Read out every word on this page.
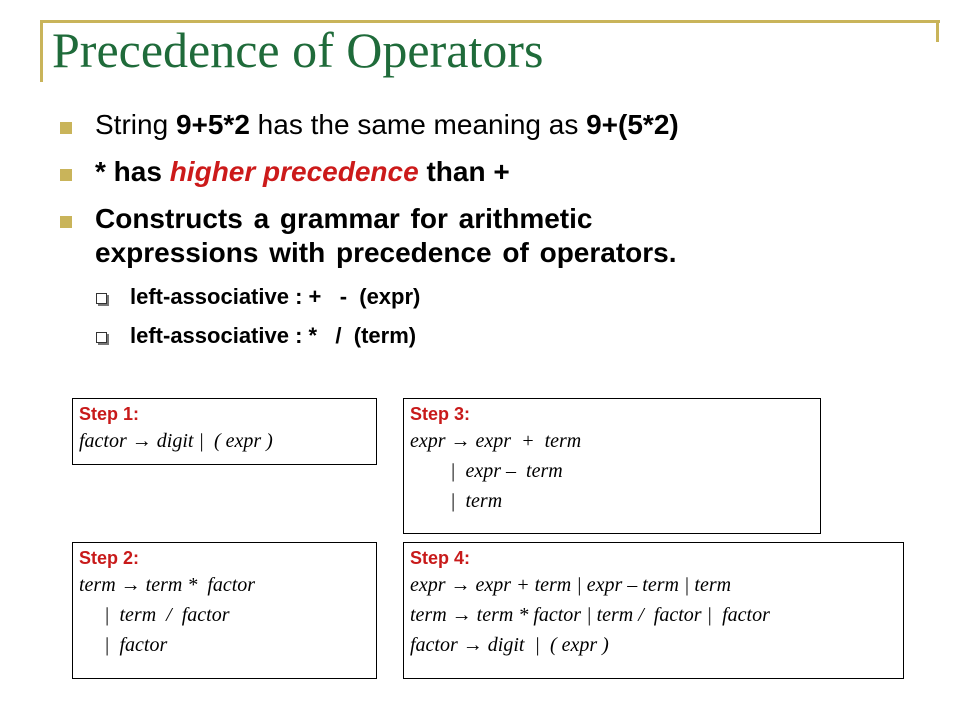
Precedence of Operators
String 9+5*2 has the same meaning as 9+(5*2)
* has higher precedence than +
Constructs a grammar for arithmetic
expressions with precedence of operators.
left-associative : +   -  (expr)
left-associative : *   /  (term)
Step 1:
factor → digit |  ( expr )
Step 3:
expr → expr  +  term
|  expr –  term
|  term
Step 2:
term → term *  factor
|  term  /  factor
|  factor
Step 4:
expr → expr + term | expr – term | term
term → term * factor | term /  factor |  factor
factor → digit  |  ( expr )
